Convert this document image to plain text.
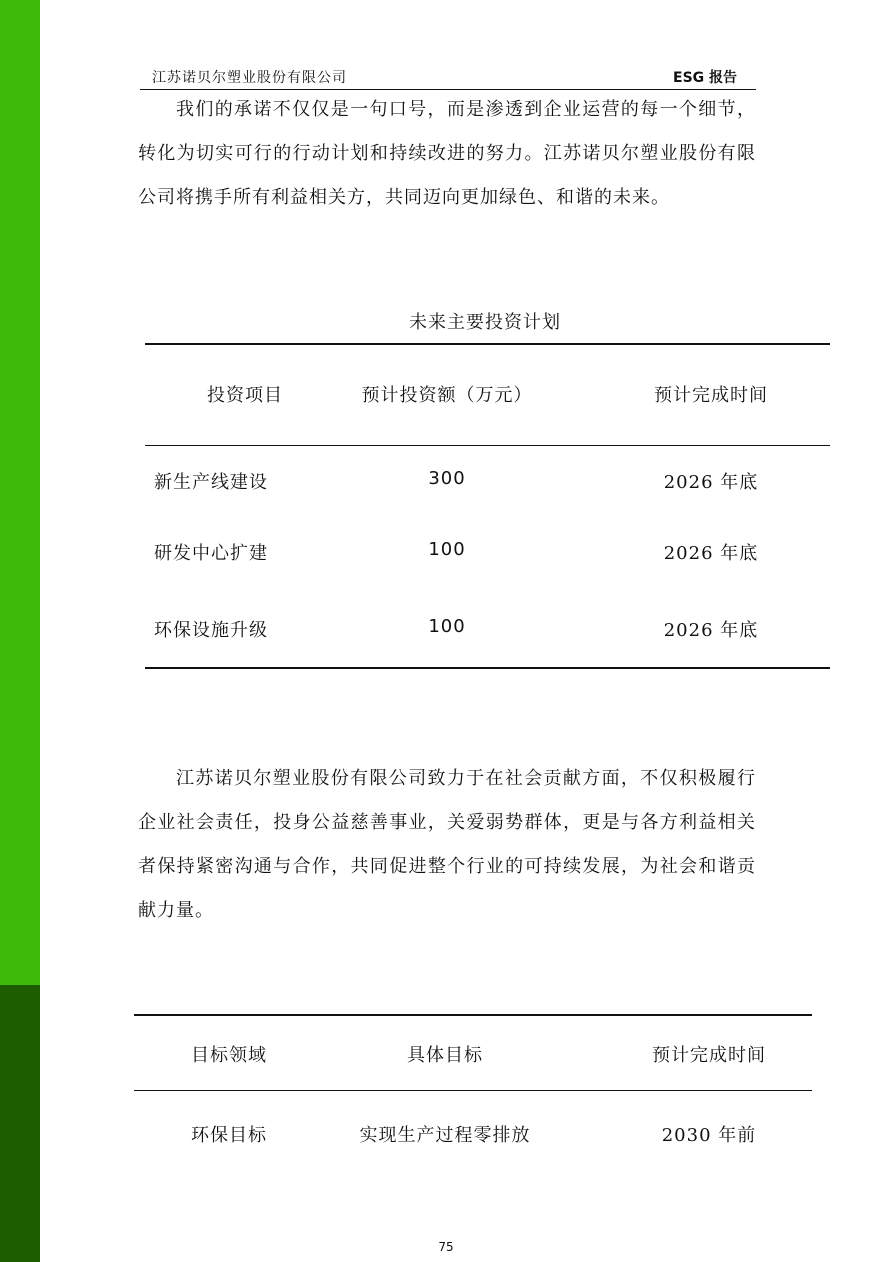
江苏诺贝尔塑业股份有限公司	ESG 报告

我们的承诺不仅仅是一句口号，而是渗透到企业运营的每一个细节，转化为切实可行的行动计划和持续改进的努力。江苏诺贝尔塑业股份有限公司将携手所有利益相关方，共同迈向更加绿色、和谐的未来。

未来主要投资计划
投资项目	预计投资额（万元）	预计完成时间
新生产线建设	300	2026 年底
研发中心扩建	100	2026 年底
环保设施升级	100	2026 年底

江苏诺贝尔塑业股份有限公司致力于在社会贡献方面，不仅积极履行企业社会责任，投身公益慈善事业，关爱弱势群体，更是与各方利益相关者保持紧密沟通与合作，共同促进整个行业的可持续发展，为社会和谐贡献力量。

目标领域	具体目标	预计完成时间
环保目标	实现生产过程零排放	2030 年前
75
